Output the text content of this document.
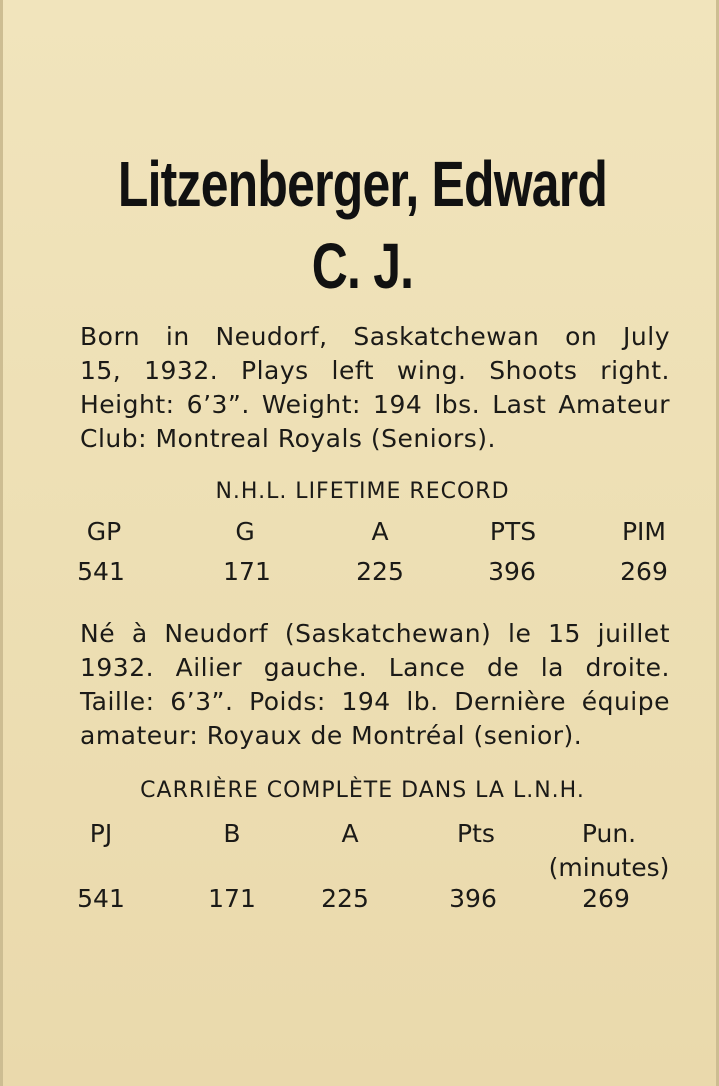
Litzenberger, Edward
C. J.
Born in Neudorf, Saskatchewan on July
15, 1932. Plays left wing. Shoots right.
Height: 6’3”. Weight: 194 lbs. Last Amateur
Club: Montreal Royals (Seniors).
N.H.L. LIFETIME RECORD
GP	G	A	PTS	PIM
541	171	225	396	269
Né à Neudorf (Saskatchewan) le 15 juillet
1932. Ailier gauche. Lance de la droite.
Taille: 6’3”. Poids: 194 lb. Dernière équipe
amateur: Royaux de Montréal (senior).
CARRIÈRE COMPLÈTE DANS LA L.N.H.
PJ	B	A	Pts	Pun.
(minutes)
541	171	225	396	269
